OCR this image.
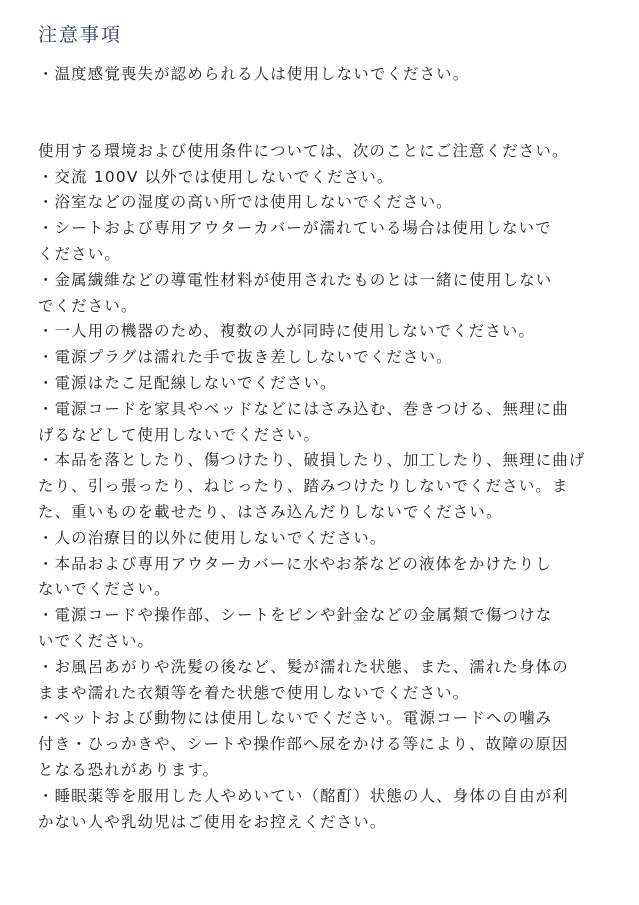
注意事項
・温度感覚喪失が認められる人は使用しないでください。
使用する環境および使用条件については、次のことにご注意ください。
・交流 100V 以外では使用しないでください。
・浴室などの湿度の高い所では使用しないでください。
・シートおよび専用アウターカバーが濡れている場合は使用しないで
ください。
・金属繊維などの導電性材料が使用されたものとは一緒に使用しない
でください。
・一人用の機器のため、複数の人が同時に使用しないでください。
・電源プラグは濡れた手で抜き差ししないでください。
・電源はたこ足配線しないでください。
・電源コードを家具やベッドなどにはさみ込む、巻きつける、無理に曲
げるなどして使用しないでください。
・本品を落としたり、傷つけたり、破損したり、加工したり、無理に曲げ
たり、引っ張ったり、ねじったり、踏みつけたりしないでください。ま
た、重いものを載せたり、はさみ込んだりしないでください。
・人の治療目的以外に使用しないでください。
・本品および専用アウターカバーに水やお茶などの液体をかけたりし
ないでください。
・電源コードや操作部、シートをピンや針金などの金属類で傷つけな
いでください。
・お風呂あがりや洗髪の後など、髪が濡れた状態、また、濡れた身体の
ままや濡れた衣類等を着た状態で使用しないでください。
・ペットおよび動物には使用しないでください。電源コードへの噛み
付き・ひっかきや、シートや操作部へ尿をかける等により、故障の原因
となる恐れがあります。
・睡眠薬等を服用した人やめいてい（酩酊）状態の人、身体の自由が利
かない人や乳幼児はご使用をお控えください。
